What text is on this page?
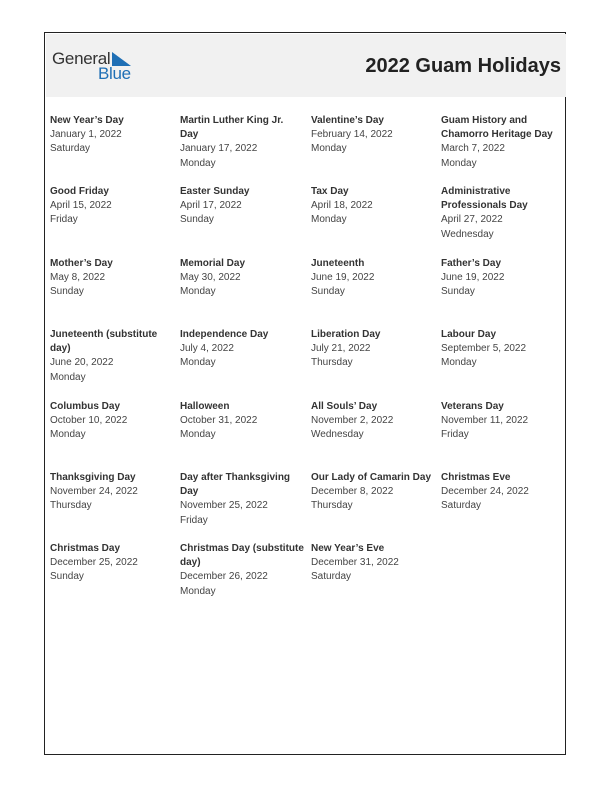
General
Blue	2022 Guam Holidays
New Year’s Day
January 1, 2022
Saturday
Martin Luther King Jr. Day
January 17, 2022
Monday
Valentine’s Day
February 14, 2022
Monday
Guam History and Chamorro Heritage Day
March 7, 2022
Monday
Good Friday
April 15, 2022
Friday
Easter Sunday
April 17, 2022
Sunday
Tax Day
April 18, 2022
Monday
Administrative Professionals Day
April 27, 2022
Wednesday
Mother’s Day
May 8, 2022
Sunday
Memorial Day
May 30, 2022
Monday
Juneteenth
June 19, 2022
Sunday
Father’s Day
June 19, 2022
Sunday
Juneteenth (substitute day)
June 20, 2022
Monday
Independence Day
July 4, 2022
Monday
Liberation Day
July 21, 2022
Thursday
Labour Day
September 5, 2022
Monday
Columbus Day
October 10, 2022
Monday
Halloween
October 31, 2022
Monday
All Souls’ Day
November 2, 2022
Wednesday
Veterans Day
November 11, 2022
Friday
Thanksgiving Day
November 24, 2022
Thursday
Day after Thanksgiving Day
November 25, 2022
Friday
Our Lady of Camarin Day
December 8, 2022
Thursday
Christmas Eve
December 24, 2022
Saturday
Christmas Day
December 25, 2022
Sunday
Christmas Day (substitute day)
December 26, 2022
Monday
New Year’s Eve
December 31, 2022
Saturday
